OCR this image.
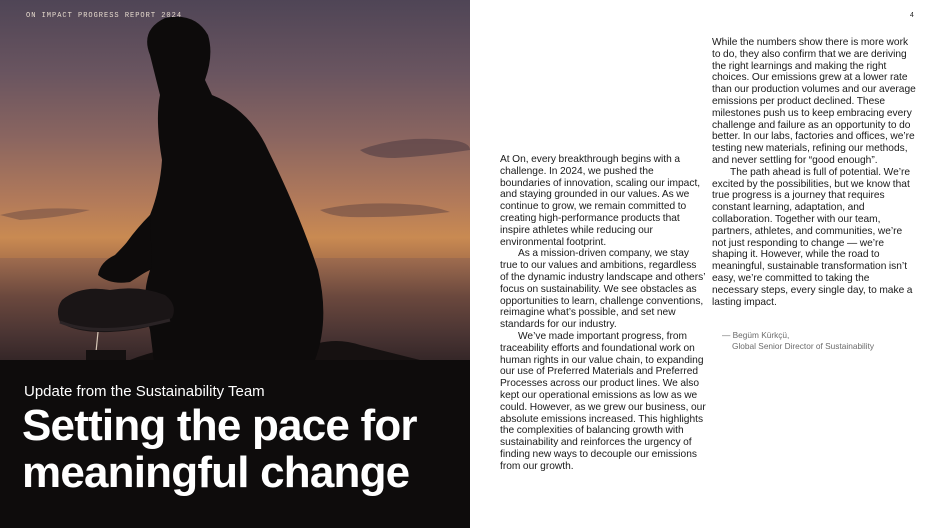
ON IMPACT PROGRESS REPORT 2024
Update from the Sustainability Team
Setting the pace for meaningful change
4

At On, every breakthrough begins with a challenge. In 2024, we pushed the boundaries of innovation, scaling our impact, and staying grounded in our values. As we continue to grow, we remain committed to creating high-performance products that inspire athletes while reducing our environmental footprint.

As a mission-driven company, we stay true to our values and ambitions, regardless of the dynamic industry landscape and others’ focus on sustainability. We see obstacles as opportunities to learn, challenge conventions, reimagine what’s possible, and set new standards for our industry.

We’ve made important progress, from traceability efforts and foundational work on human rights in our value chain, to expanding our use of Preferred Materials and Preferred Processes across our product lines. We also kept our operational emissions as low as we could. However, as we grew our business, our absolute emissions increased. This highlights the complexities of balancing growth with sustainability and reinforces the urgency of finding new ways to decouple our emissions from our growth.

While the numbers show there is more work to do, they also confirm that we are deriving the right learnings and making the right choices. Our emissions grew at a lower rate than our production volumes and our average emissions per product declined. These milestones push us to keep embracing every challenge and failure as an opportunity to do better. In our labs, factories and offices, we’re testing new materials, refining our methods, and never settling for “good enough”.

The path ahead is full of potential. We’re excited by the possibilities, but we know that true progress is a journey that requires constant learning, adaptation, and collaboration. Together with our team, partners, athletes, and communities, we’re not just responding to change — we’re shaping it. However, while the road to meaningful, sustainable transformation isn’t easy, we’re committed to taking the necessary steps, every single day, to make a lasting impact.

— Begüm Kürkçü,
Global Senior Director of Sustainability
